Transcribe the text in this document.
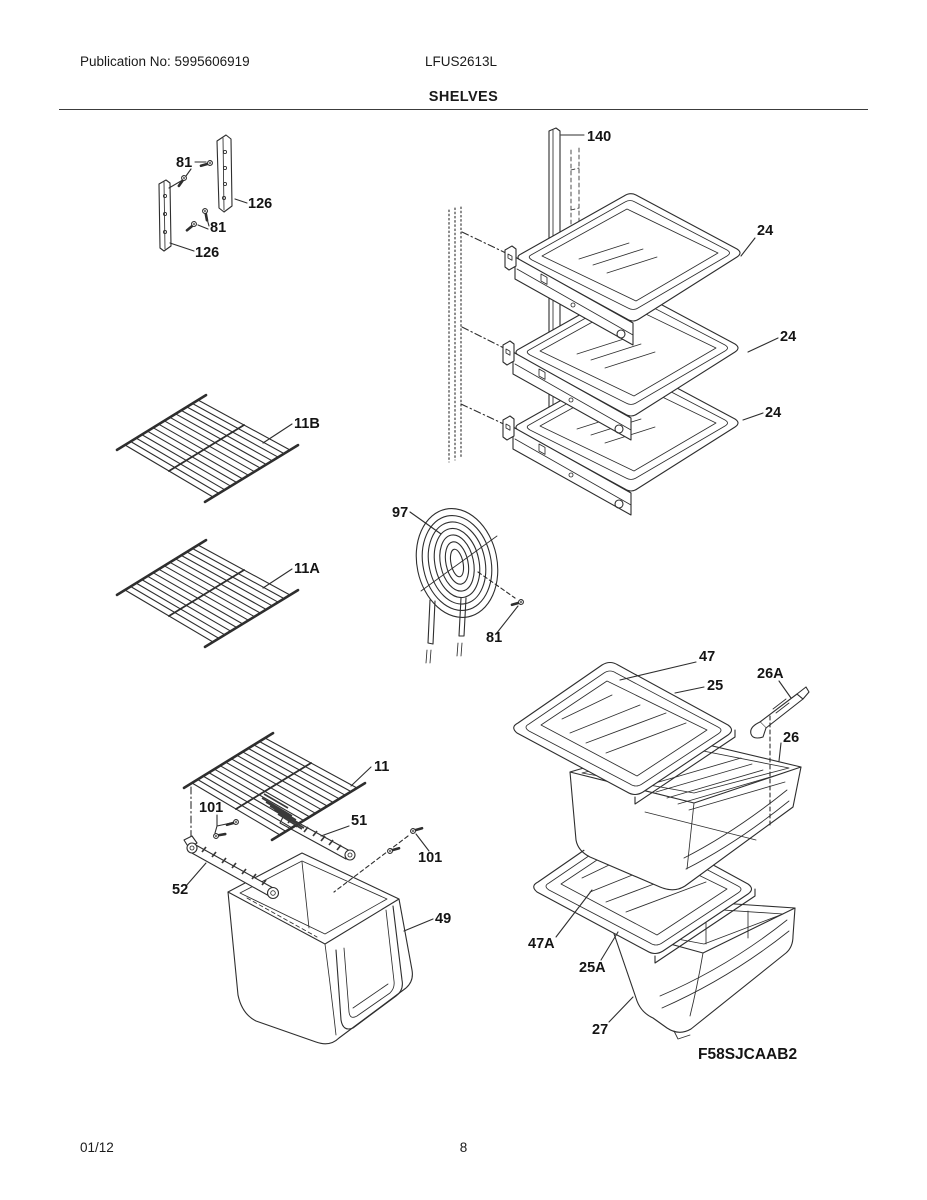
Publication No: 5995606919	LFUS2613L
SHELVES
81
126
81
126
140
24
24
24
11B
11A
97
81
11
101
51
101
52
49
47
25
26A
26
47A
25A
27
F58SJCAAB2
01/12	8
